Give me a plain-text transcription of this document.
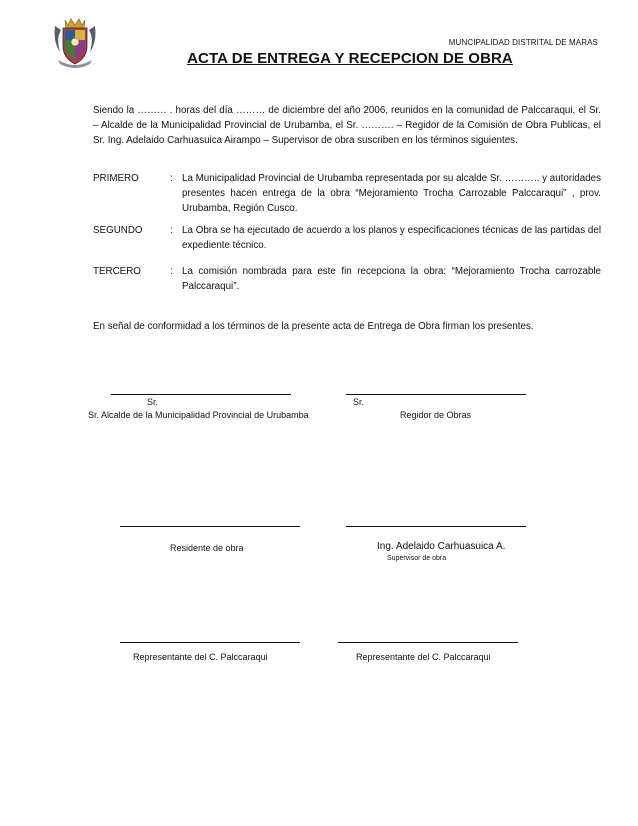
MUNCIPALIDAD DISTRITAL DE MARAS
ACTA DE ENTREGA Y RECEPCION DE OBRA
Siendo la ……… . horas del día ……… de diciembre del año 2006, reunidos en la comunidad de Palccaraqui, el Sr. – Alcalde de la Municipalidad Provincial de Urubamba, el Sr. ………. – Regidor de la Comisión de Obra Publicas, el Sr. Ing. Adelaido Carhuasuica Airampo – Supervisor de obra suscriben en los términos siguientes.
PRIMERO	: La Municipalidad Provincial de Urubamba representada por su alcalde Sr. ……….. y autoridades presentes hacen entrega de la obra “Mejoramiento Trocha Carrozable Palccaraqui” , prov. Urubamba, Región Cusco.
SEGUNDO	: La Obra se ha ejecutado de acuerdo a los planos y especificaciones técnicas de las partidas del expediente técnico.
TERCERO	: La comisión nombrada para este fin recepciona la obra: “Mejoramiento Trocha carrozable Palccaraqui”.
En señal de conformidad a los términos de la presente acta de Entrega de Obra firman los presentes.
Sr.
Sr. Alcalde de la Municipalidad Provincial de Urubamba
Sr.
Regidor de Obras
Residente de obra	Ing. Adelaido Carhuasuica A.
Supervisor de obra
Representante del C. Palccaraqui	Representante del C. Palccaraqui
